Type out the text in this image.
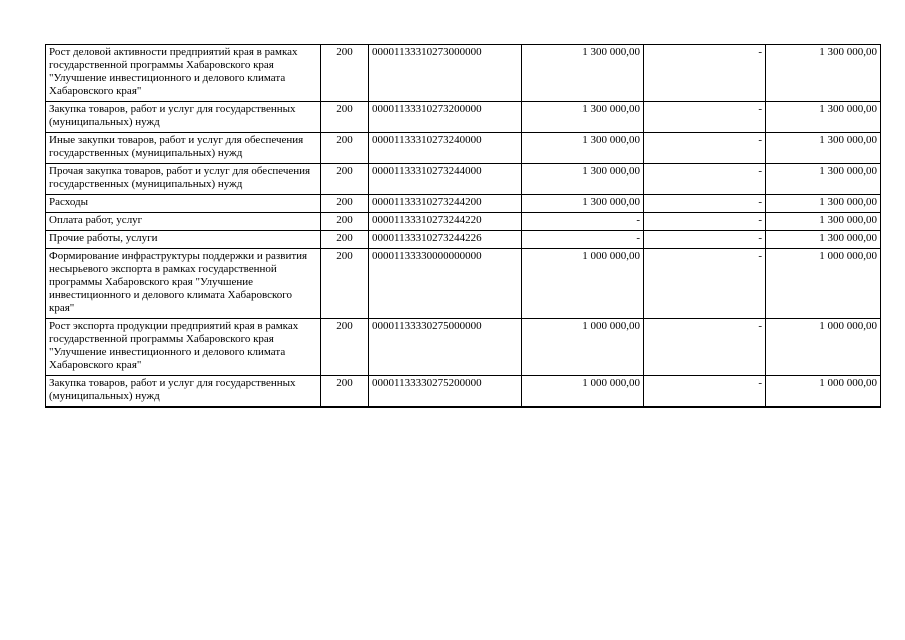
Рост деловой активности предприятий края в рамках государственной программы Хабаровского края "Улучшение инвестиционного и делового климата Хабаровского края"	200	00001133310273000000	1 300 000,00	-	1 300 000,00
Закупка товаров, работ и услуг для государственных (муниципальных) нужд	200	00001133310273200000	1 300 000,00	-	1 300 000,00
Иные закупки товаров, работ и услуг для обеспечения государственных (муниципальных) нужд	200	00001133310273240000	1 300 000,00	-	1 300 000,00
Прочая закупка товаров, работ и услуг для обеспечения государственных (муниципальных) нужд	200	00001133310273244000	1 300 000,00	-	1 300 000,00
Расходы	200	00001133310273244200	1 300 000,00	-	1 300 000,00
Оплата работ, услуг	200	00001133310273244220	-	-	1 300 000,00
Прочие работы, услуги	200	00001133310273244226	-	-	1 300 000,00
Формирование инфраструктуры поддержки и развития несырьевого экспорта в рамках государственной программы Хабаровского края "Улучшение инвестиционного и делового климата Хабаровского края"	200	00001133330000000000	1 000 000,00	-	1 000 000,00
Рост экспорта продукции предприятий края в рамках государственной программы Хабаровского края "Улучшение инвестиционного и делового климата Хабаровского края"	200	00001133330275000000	1 000 000,00	-	1 000 000,00
Закупка товаров, работ и услуг для государственных (муниципальных) нужд	200	00001133330275200000	1 000 000,00	-	1 000 000,00
